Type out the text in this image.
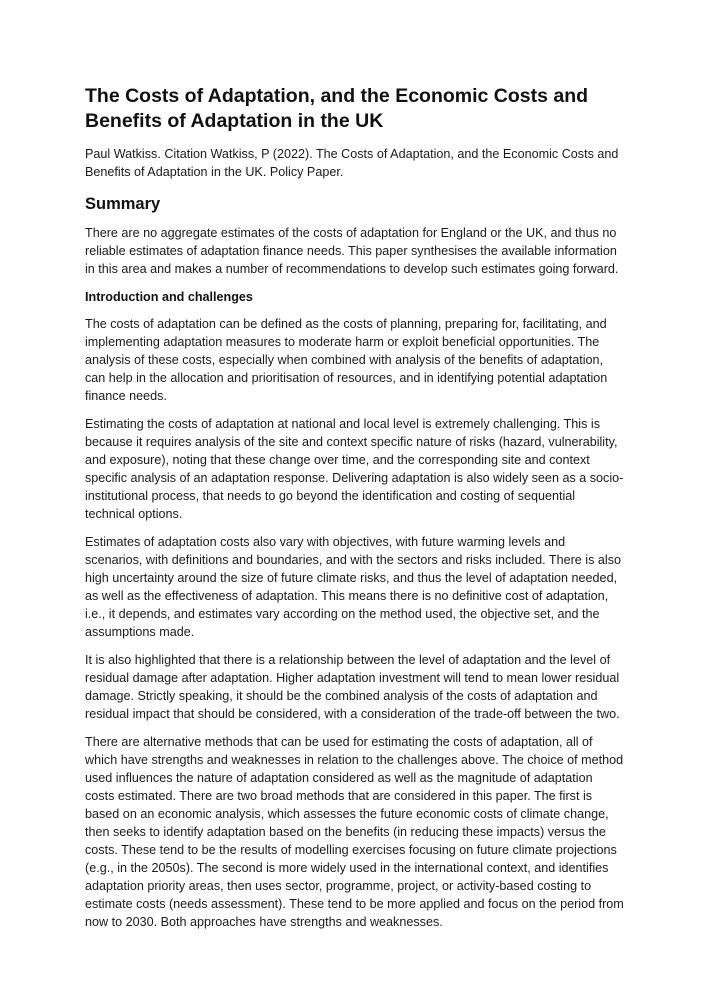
The Costs of Adaptation, and the Economic Costs and Benefits of Adaptation in the UK

Paul Watkiss. Citation Watkiss, P (2022). The Costs of Adaptation, and the Economic Costs and Benefits of Adaptation in the UK. Policy Paper.

Summary

There are no aggregate estimates of the costs of adaptation for England or the UK, and thus no reliable estimates of adaptation finance needs. This paper synthesises the available information in this area and makes a number of recommendations to develop such estimates going forward.

Introduction and challenges

The costs of adaptation can be defined as the costs of planning, preparing for, facilitating, and implementing adaptation measures to moderate harm or exploit beneficial opportunities. The analysis of these costs, especially when combined with analysis of the benefits of adaptation, can help in the allocation and prioritisation of resources, and in identifying potential adaptation finance needs.

Estimating the costs of adaptation at national and local level is extremely challenging. This is because it requires analysis of the site and context specific nature of risks (hazard, vulnerability, and exposure), noting that these change over time, and the corresponding site and context specific analysis of an adaptation response. Delivering adaptation is also widely seen as a socio-institutional process, that needs to go beyond the identification and costing of sequential technical options.

Estimates of adaptation costs also vary with objectives, with future warming levels and scenarios, with definitions and boundaries, and with the sectors and risks included. There is also high uncertainty around the size of future climate risks, and thus the level of adaptation needed, as well as the effectiveness of adaptation. This means there is no definitive cost of adaptation, i.e., it depends, and estimates vary according on the method used, the objective set, and the assumptions made.

It is also highlighted that there is a relationship between the level of adaptation and the level of residual damage after adaptation. Higher adaptation investment will tend to mean lower residual damage. Strictly speaking, it should be the combined analysis of the costs of adaptation and residual impact that should be considered, with a consideration of the trade-off between the two.

There are alternative methods that can be used for estimating the costs of adaptation, all of which have strengths and weaknesses in relation to the challenges above. The choice of method used influences the nature of adaptation considered as well as the magnitude of adaptation costs estimated. There are two broad methods that are considered in this paper. The first is based on an economic analysis, which assesses the future economic costs of climate change, then seeks to identify adaptation based on the benefits (in reducing these impacts) versus the costs. These tend to be the results of modelling exercises focusing on future climate projections (e.g., in the 2050s). The second is more widely used in the international context, and identifies adaptation priority areas, then uses sector, programme, project, or activity-based costing to estimate costs (needs assessment). These tend to be more applied and focus on the period from now to 2030. Both approaches have strengths and weaknesses.
